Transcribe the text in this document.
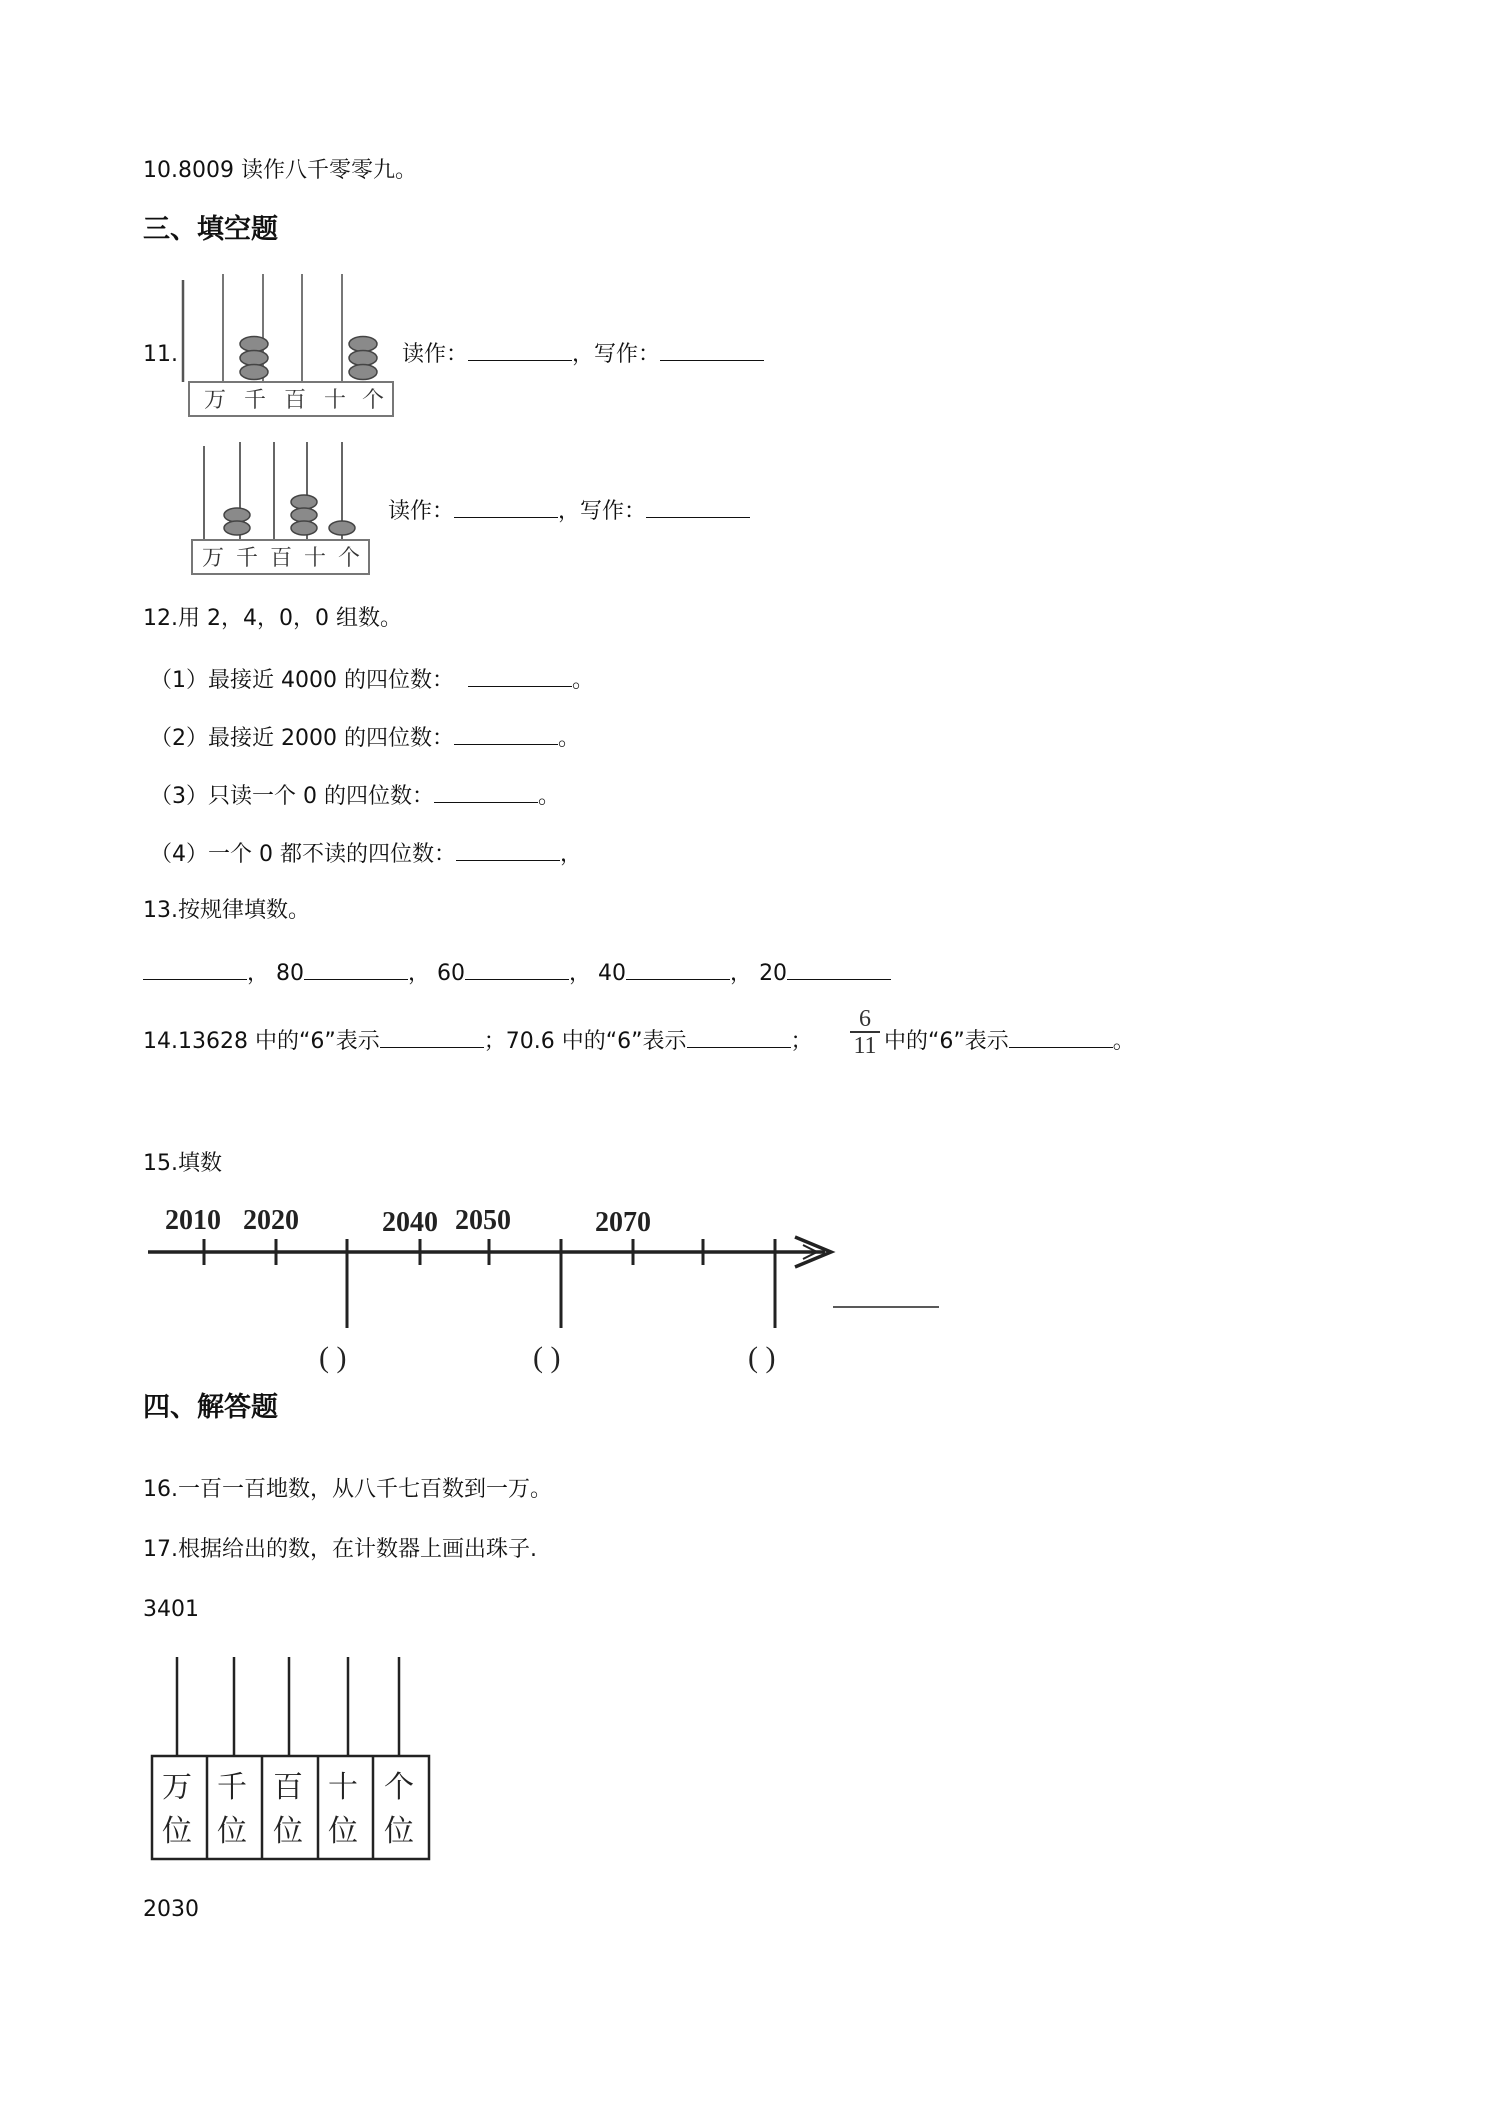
10.8009 读作八千零零九。
三、填空题
11.
万 千 百 十 个
读作：	，写作：
万 千 百 十 个
读作：	，写作：
12.用 2，4，0，0 组数。
（1）最接近 4000 的四位数：	。
（2）最接近 2000 的四位数：	。
（3）只读一个 0 的四位数：	。
（4）一个 0 都不读的四位数：	，
13.按规律填数。
， 80	， 60	， 40	， 20
14.13628 中的“6”表示	；70.6 中的“6”表示	； $\frac{6}{11}$ 中的“6”表示	。
15.填数
2010 2020	2040 2050	2070
( )	( )	( )
四、解答题
16.一百一百地数，从八千七百数到一万。
17.根据给出的数，在计数器上画出珠子.
3401
万
位
千
位
百
位
十
位
个
位
2030
